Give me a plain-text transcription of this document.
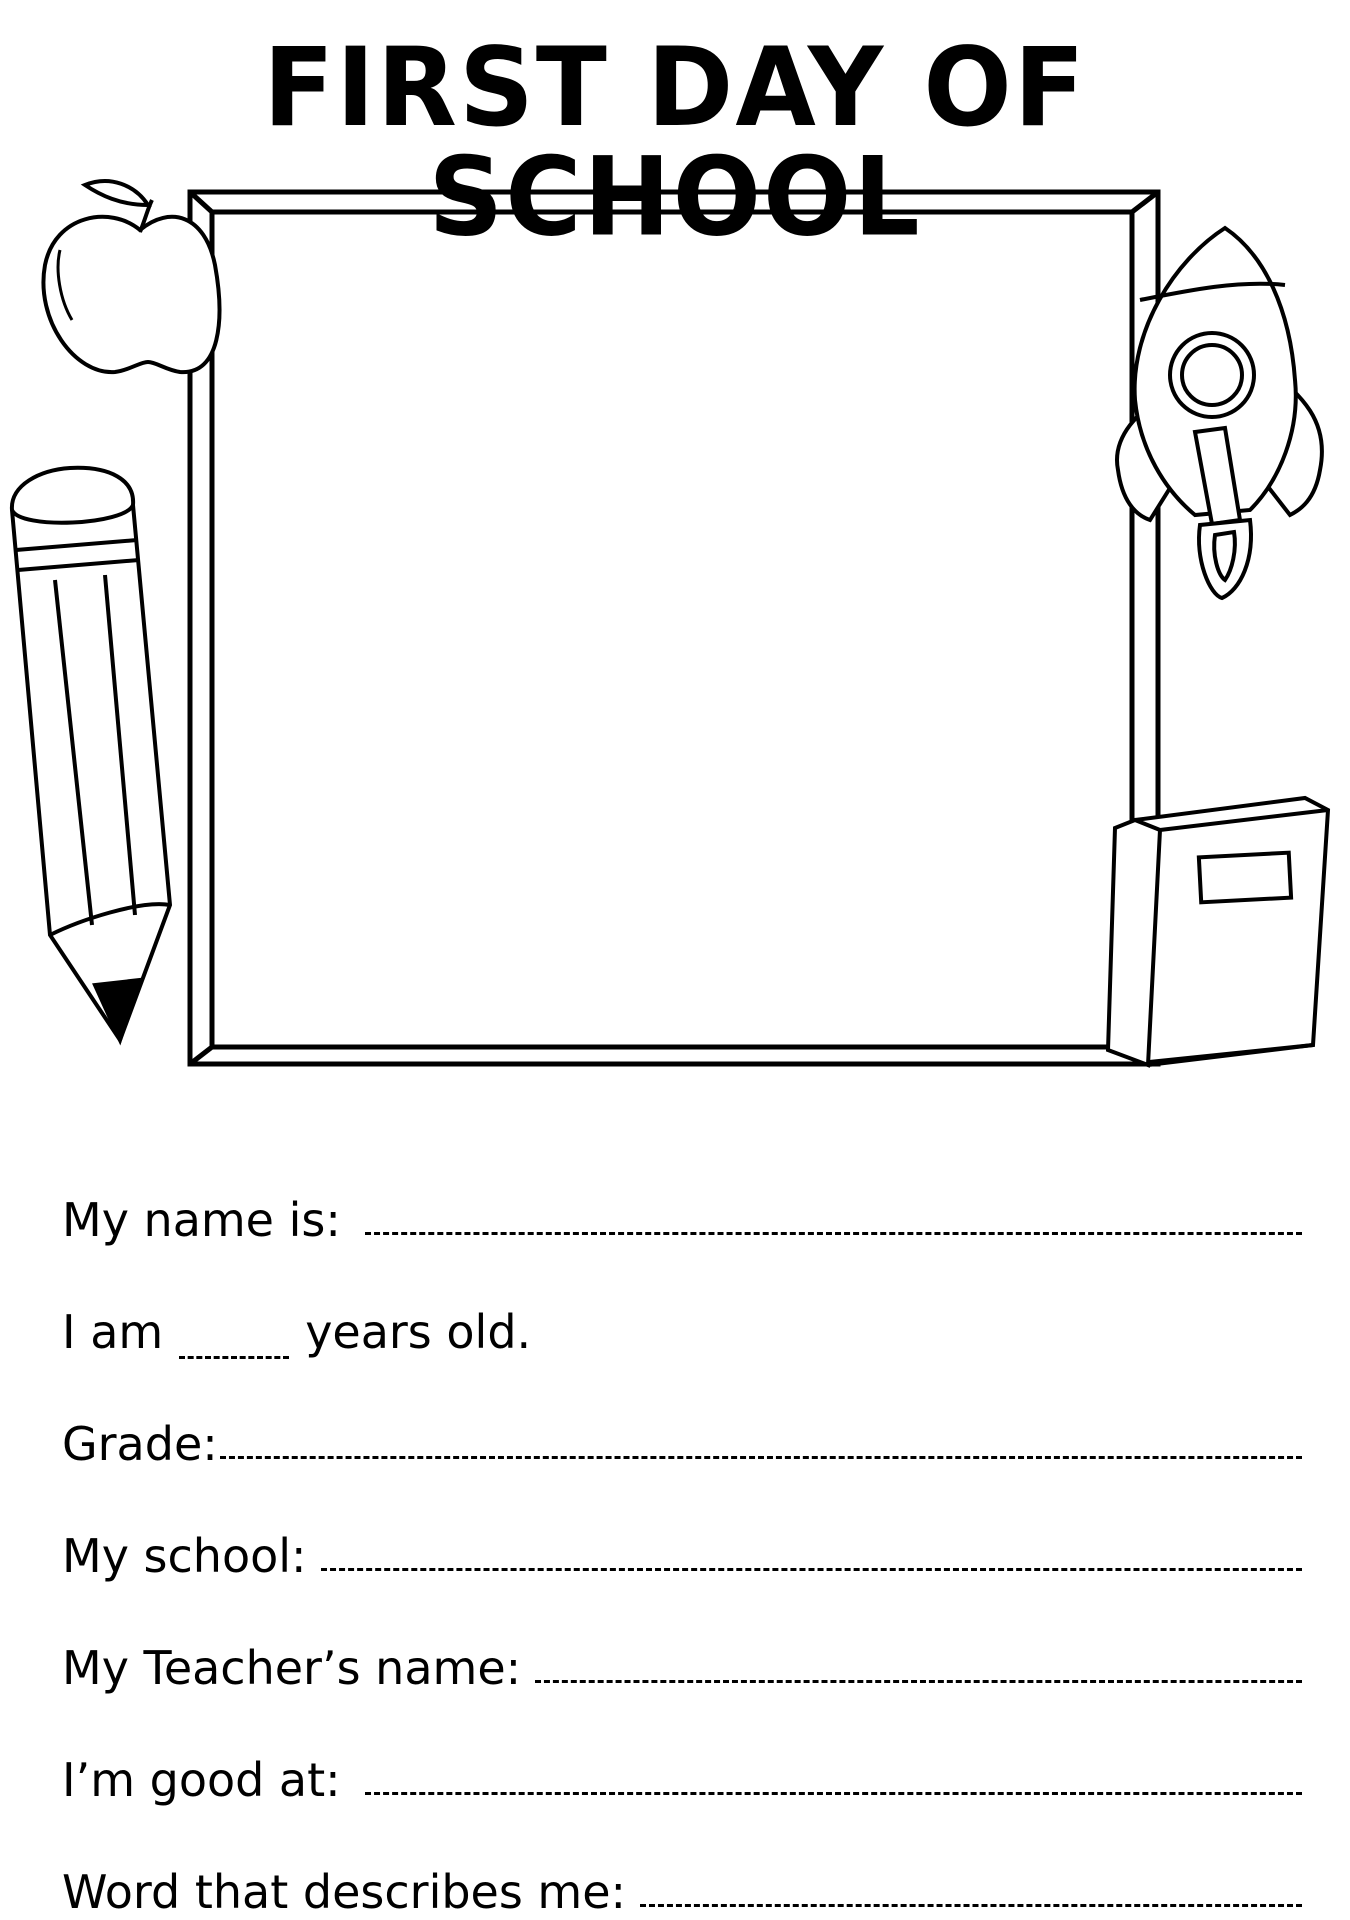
FIRST DAY OF SCHOOL
My name is:
I am	years old.
Grade:
My school:
My Teacher’s name:
I’m good at:
Word that describes me:
